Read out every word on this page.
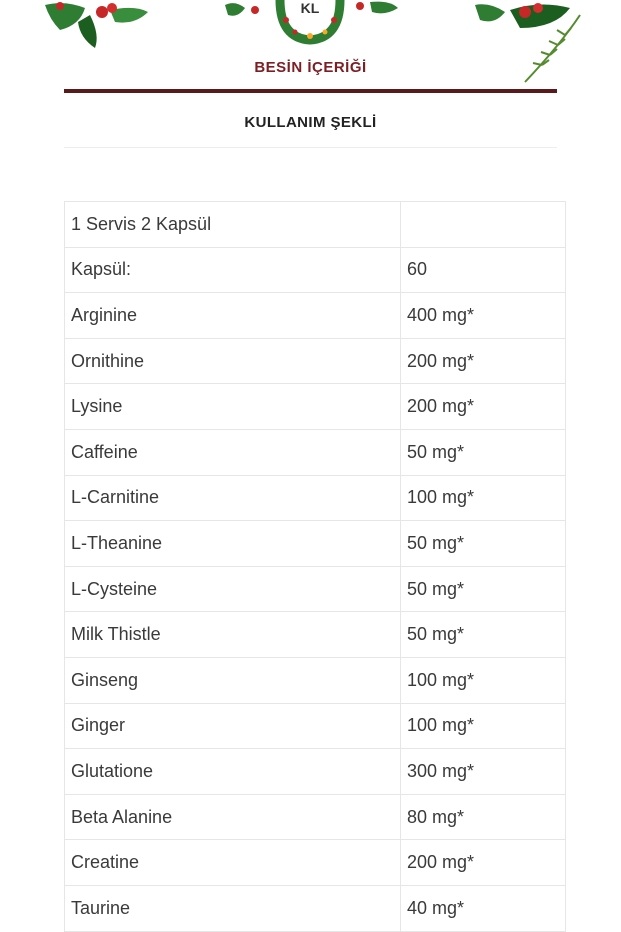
KL
BESİN İÇERİĞİ
KULLANIM ŞEKLİ
1 Servis 2 Kapsül	
Kapsül:	60
Arginine	400 mg*
Ornithine	200 mg*
Lysine	200 mg*
Caffeine	50 mg*
L-Carnitine	100 mg*
L-Theanine	50 mg*
L-Cysteine	50 mg*
Milk Thistle	50 mg*
Ginseng	100 mg*
Ginger	100 mg*
Glutatione	300 mg*
Beta Alanine	80 mg*
Creatine	200 mg*
Taurine	40 mg*
